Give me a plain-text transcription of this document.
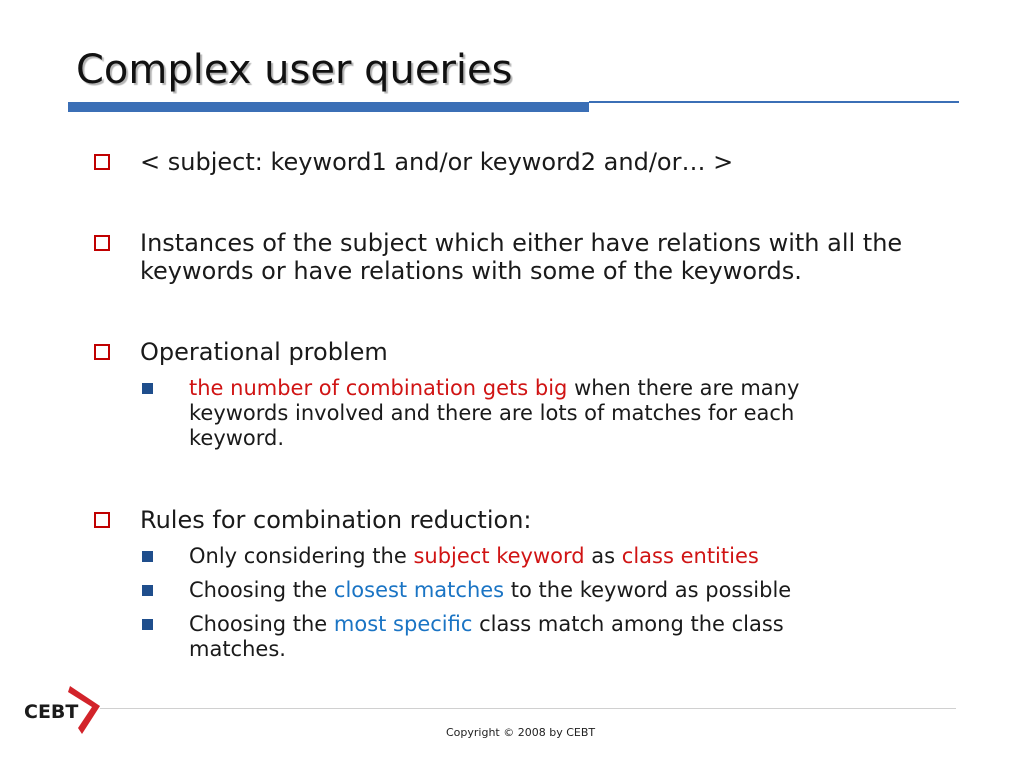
Complex user queries
< subject: keyword1 and/or keyword2 and/or… >
Instances of the subject which either have relations with all the keywords or have relations with some of the keywords.
Operational problem
the number of combination gets big when there are many keywords involved and there are lots of matches for each keyword.
Rules for combination reduction:
Only considering the subject keyword as class entities
Choosing the closest matches to the keyword as possible
Choosing the most specific class match among the class matches.
CEBT
Copyright © 2008 by CEBT
